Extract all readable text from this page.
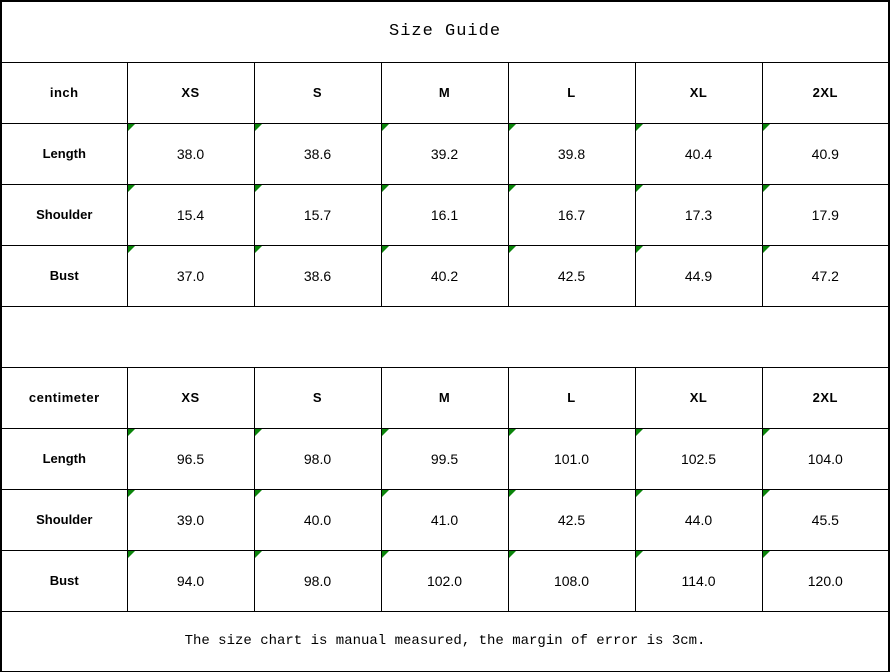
Size Guide						
inch	XS	S	M	L	XL	2XL
Length	38.0	38.6	39.2	39.8	40.4	40.9
Shoulder	15.4	15.7	16.1	16.7	17.3	17.9
Bust	37.0	38.6	40.2	42.5	44.9	47.2

centimeter	XS	S	M	L	XL	2XL
Length	96.5	98.0	99.5	101.0	102.5	104.0
Shoulder	39.0	40.0	41.0	42.5	44.0	45.5
Bust	94.0	98.0	102.0	108.0	114.0	120.0
The size chart is manual measured, the margin of error is 3cm.						
